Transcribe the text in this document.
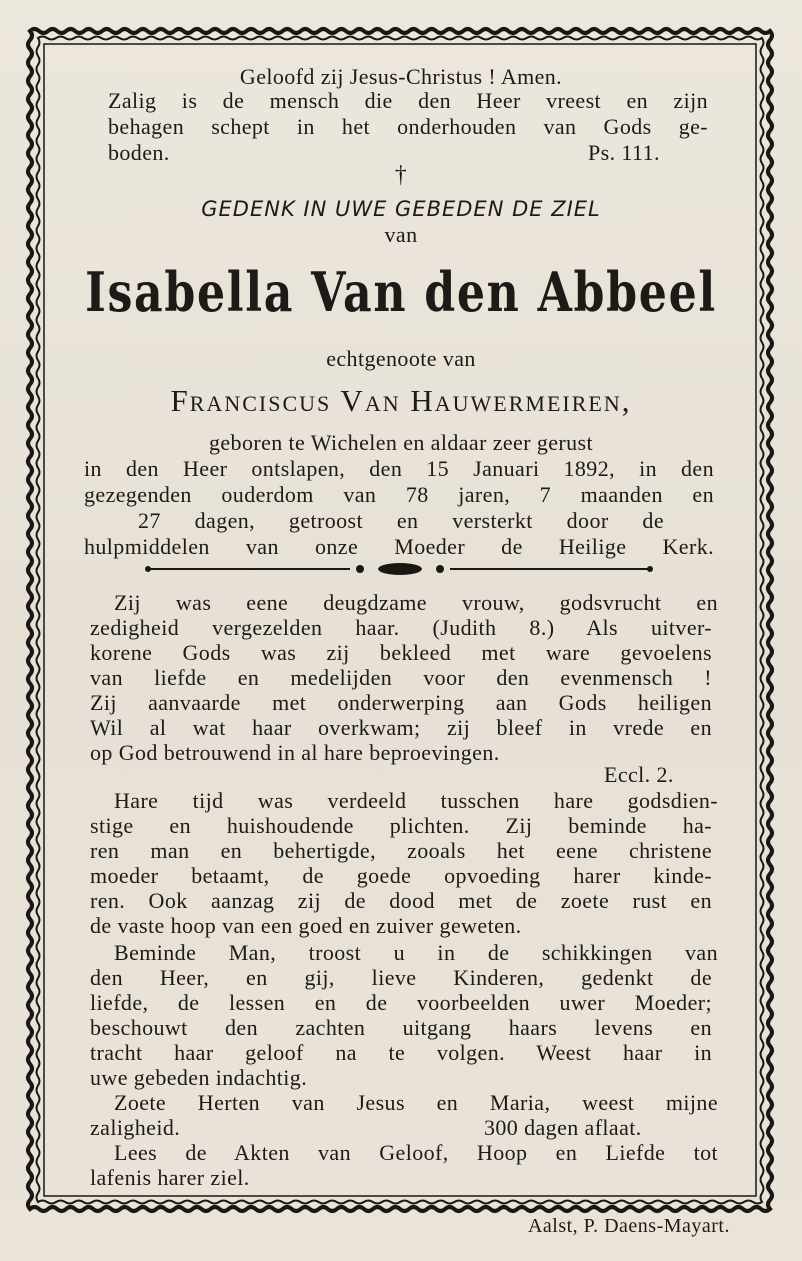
Geloofd zij Jesus-Christus ! Amen.
Zalig is de mensch die den Heer vreest en zijn
behagen schept in het onderhouden van Gods ge-
boden.	Ps. 111.
†
GEDENK IN UWE GEBEDEN DE ZIEL
van
Isabella Van den Abbeel
echtgenoote van
Franciscus Van Hauwermeiren,
geboren te Wichelen en aldaar zeer gerust
in den Heer ontslapen, den 15 Januari 1892, in den
gezegenden ouderdom van 78 jaren, 7 maanden en
27 dagen, getroost en versterkt door de
hulpmiddelen van onze Moeder de Heilige Kerk.
Zij was eene deugdzame vrouw, godsvrucht en
zedigheid vergezelden haar. (Judith 8.) Als uitver-
korene Gods was zij bekleed met ware gevoelens
van liefde en medelijden voor den evenmensch !
Zij aanvaarde met onderwerping aan Gods heiligen
Wil al wat haar overkwam; zij bleef in vrede en
op God betrouwend in al hare beproevingen.
Eccl. 2.
Hare tijd was verdeeld tusschen hare godsdien-
stige en huishoudende plichten. Zij beminde ha-
ren man en behertigde, zooals het eene christene
moeder betaamt, de goede opvoeding harer kinde-
ren. Ook aanzag zij de dood met de zoete rust en
de vaste hoop van een goed en zuiver geweten.
Beminde Man, troost u in de schikkingen van
den Heer, en gij, lieve Kinderen, gedenkt de
liefde, de lessen en de voorbeelden uwer Moeder;
beschouwt den zachten uitgang haars levens en
tracht haar geloof na te volgen. Weest haar in
uwe gebeden indachtig.
Zoete Herten van Jesus en Maria, weest mijne
zaligheid.	300 dagen aflaat.
Lees de Akten van Geloof, Hoop en Liefde tot
lafenis harer ziel.
Aalst, P. Daens-Mayart.
